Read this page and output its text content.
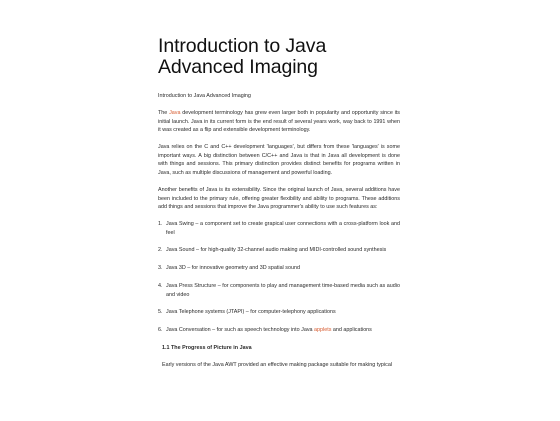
Introduction to Java
Advanced Imaging

Introduction to Java Advanced Imaging

The Java development terminology has grew even larger both in popularity and opportunity since its initial launch. Java in its current form is the end result of several years work, way back to 1991 when it was created as a flip and extensible development terminology.

Java relies on the C and C++ development 'languages', but differs from these 'languages' is some important ways. A big distinction between C/C++ and Java is that in Java all development is done with things and sessions. This primary distinction provides distinct benefits for programs written in Java, such as multiple discussions of management and powerful loading.

Another benefits of Java is its extensibility. Since the original launch of Java, several additions have been included to the primary rule, offering greater flexibility and ability to programs. These additions add things and sessions that improve the Java programmer's ability to use such features as:

1. Java Swing – a component set to create grapical user connections with a cross-platform look and feel
2. Java Sound – for high-quality 32-channel audio making and MIDI-controlled sound synthesis
3. Java 3D – for innovative geometry and 3D spatial sound
4. Java Press Structure – for components to play and management time-based media such as audio and video
5. Java Telephone systems (JTAPI) – for computer-telephony applications
6. Java Conversation – for such as speech technology into Java applets and applications

1.1 The Progress of Picture in Java

Early versions of the Java AWT provided an effective making package suitable for making typical
